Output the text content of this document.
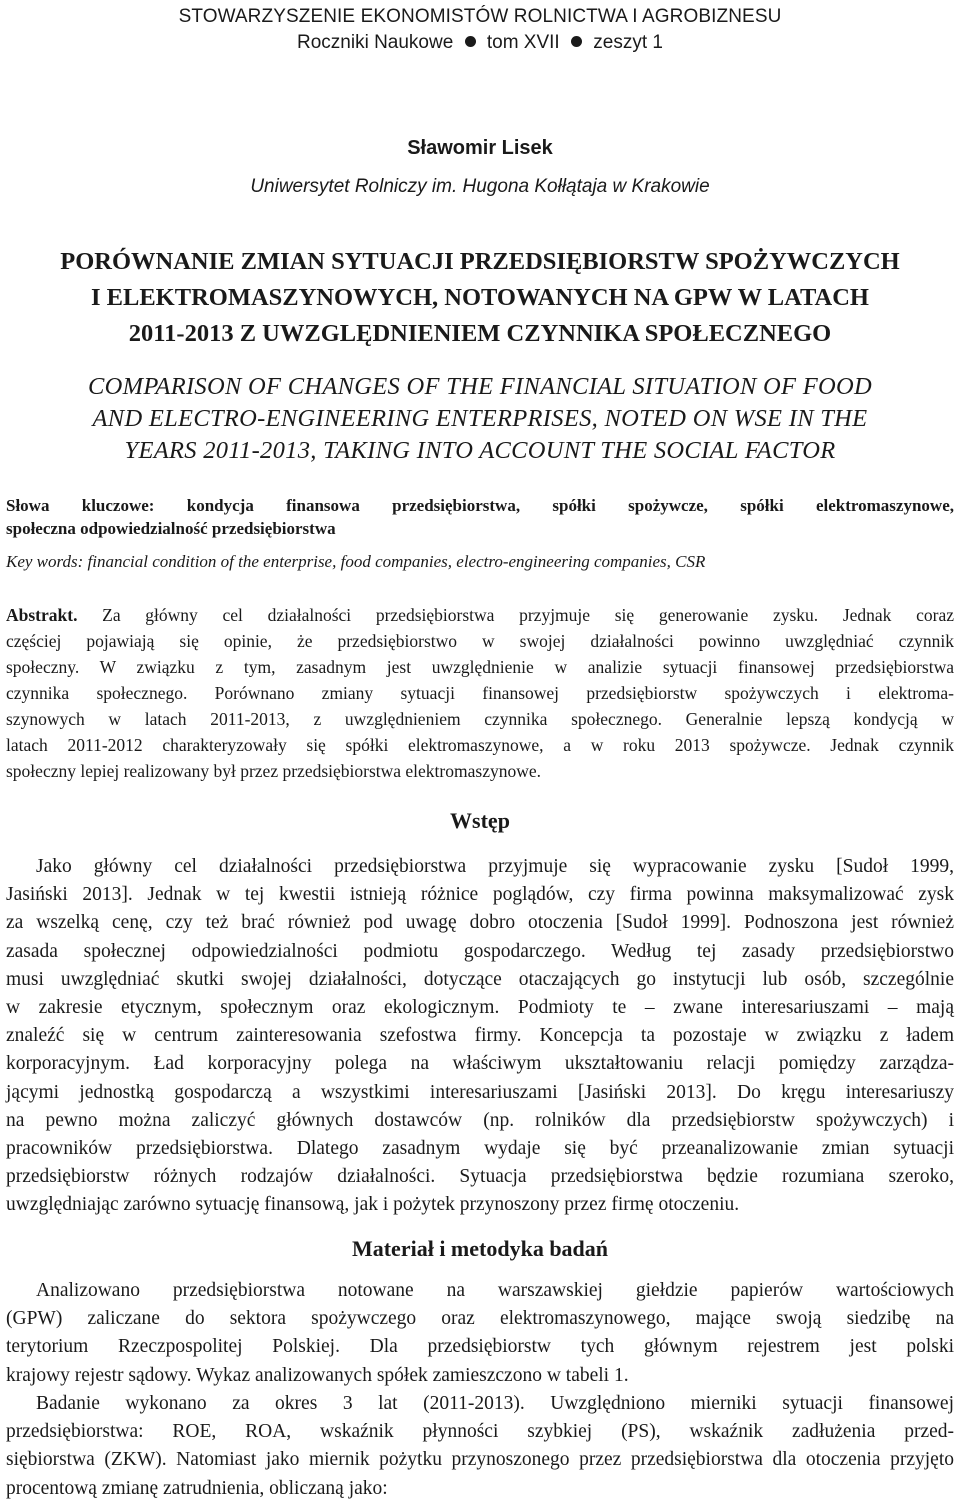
STOWARZYSZENIE EKONOMISTÓW ROLNICTWA I AGROBIZNESU
Roczniki Naukowe tom XVII zeszyt 1
Sławomir Lisek
Uniwersytet Rolniczy im. Hugona Kołłątaja w Krakowie
PORÓWNANIE ZMIAN SYTUACJI PRZEDSIĘBIORSTW SPOŻYWCZYCH
I ELEKTROMASZYNOWYCH, NOTOWANYCH NA GPW W LATACH
2011-2013 Z UWZGLĘDNIENIEM CZYNNIKA SPOŁECZNEGO
COMPARISON OF CHANGES OF THE FINANCIAL SITUATION OF FOOD
AND ELECTRO-ENGINEERING ENTERPRISES, NOTED ON WSE IN THE
YEARS 2011-2013, TAKING INTO ACCOUNT THE SOCIAL FACTOR
Słowa kluczowe: kondycja finansowa przedsiębiorstwa, spółki spożywcze, spółki elektromaszynowe,
społeczna odpowiedzialność przedsiębiorstwa
Key words: financial condition of the enterprise, food companies, electro-engineering companies, CSR
Abstrakt. Za główny cel działalności przedsiębiorstwa przyjmuje się generowanie zysku. Jednak coraz
częściej pojawiają się opinie, że przedsiębiorstwo w swojej działalności powinno uwzględniać czynnik
społeczny. W związku z tym, zasadnym jest uwzględnienie w analizie sytuacji finansowej przedsiębiorstwa
czynnika społecznego. Porównano zmiany sytuacji finansowej przedsiębiorstw spożywczych i elektroma-
szynowych w latach 2011-2013, z uwzględnieniem czynnika społecznego. Generalnie lepszą kondycją w
latach 2011-2012 charakteryzowały się spółki elektromaszynowe, a w roku 2013 spożywcze. Jednak czynnik
społeczny lepiej realizowany był przez przedsiębiorstwa elektromaszynowe.
Wstęp
Jako główny cel działalności przedsiębiorstwa przyjmuje się wypracowanie zysku [Sudoł 1999,
Jasiński 2013]. Jednak w tej kwestii istnieją różnice poglądów, czy firma powinna maksymalizować zysk
za wszelką cenę, czy też brać również pod uwagę dobro otoczenia [Sudoł 1999]. Podnoszona jest również
zasada społecznej odpowiedzialności podmiotu gospodarczego. Według tej zasady przedsiębiorstwo
musi uwzględniać skutki swojej działalności, dotyczące otaczających go instytucji lub osób, szczególnie
w zakresie etycznym, społecznym oraz ekologicznym. Podmioty te – zwane interesariuszami – mają
znaleźć się w centrum zainteresowania szefostwa firmy. Koncepcja ta pozostaje w związku z ładem
korporacyjnym. Ład korporacyjny polega na właściwym ukształtowaniu relacji pomiędzy zarządza-
jącymi jednostką gospodarczą a wszystkimi interesariuszami [Jasiński 2013]. Do kręgu interesariuszy
na pewno można zaliczyć głównych dostawców (np. rolników dla przedsiębiorstw spożywczych) i
pracowników przedsiębiorstwa. Dlatego zasadnym wydaje się być przeanalizowanie zmian sytuacji
przedsiębiorstw różnych rodzajów działalności. Sytuacja przedsiębiorstwa będzie rozumiana szeroko,
uwzględniając zarówno sytuację finansową, jak i pożytek przynoszony przez firmę otoczeniu.
Materiał i metodyka badań
Analizowano przedsiębiorstwa notowane na warszawskiej giełdzie papierów wartościowych
(GPW) zaliczane do sektora spożywczego oraz elektromaszynowego, mające swoją siedzibę na
terytorium Rzeczpospolitej Polskiej. Dla przedsiębiorstw tych głównym rejestrem jest polski
krajowy rejestr sądowy. Wykaz analizowanych spółek zamieszczono w tabeli 1.
Badanie wykonano za okres 3 lat (2011-2013). Uwzględniono mierniki sytuacji finansowej
przedsiębiorstwa: ROE, ROA, wskaźnik płynności szybkiej (PS), wskaźnik zadłużenia przed-
siębiorstwa (ZKW). Natomiast jako miernik pożytku przynoszonego przez przedsiębiorstwa dla otoczenia przyjęto
procentową zmianę zatrudnienia, obliczaną jako:
